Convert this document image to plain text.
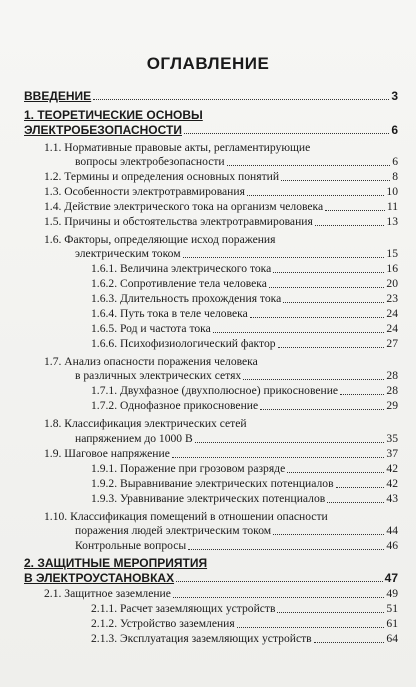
ОГЛАВЛЕНИЕ
ВВЕДЕНИЕ	3
1. ТЕОРЕТИЧЕСКИЕ ОСНОВЫ
ЭЛЕКТРОБЕЗОПАСНОСТИ	6
1.1. Нормативные правовые акты, регламентирующие
вопросы электробезопасности	6
1.2. Термины и определения основных понятий	8
1.3. Особенности электротравмирования	10
1.4. Действие электрического тока на организм человека	11
1.5. Причины и обстоятельства электротравмирования	13
1.6. Факторы, определяющие исход поражения
электрическим током	15
1.6.1. Величина электрического тока	16
1.6.2. Сопротивление тела человека	20
1.6.3. Длительность прохождения тока	23
1.6.4. Путь тока в теле человека	24
1.6.5. Род и частота тока	24
1.6.6. Психофизиологический фактор	27
1.7. Анализ опасности поражения человека
в различных электрических сетях	28
1.7.1. Двухфазное (двухполюсное) прикосновение	28
1.7.2. Однофазное прикосновение	29
1.8. Классификация электрических сетей
напряжением до 1000 В	35
1.9. Шаговое напряжение	37
1.9.1. Поражение при грозовом разряде	42
1.9.2. Выравнивание электрических потенциалов	42
1.9.3. Уравнивание электрических потенциалов	43
1.10. Классификация помещений в отношении опасности
поражения людей электрическим током	44
Контрольные вопросы	46
2. ЗАЩИТНЫЕ МЕРОПРИЯТИЯ
В ЭЛЕКТРОУСТАНОВКАХ	47
2.1. Защитное заземление	49
2.1.1. Расчет заземляющих устройств	51
2.1.2. Устройство заземления	61
2.1.3. Эксплуатация заземляющих устройств	64
